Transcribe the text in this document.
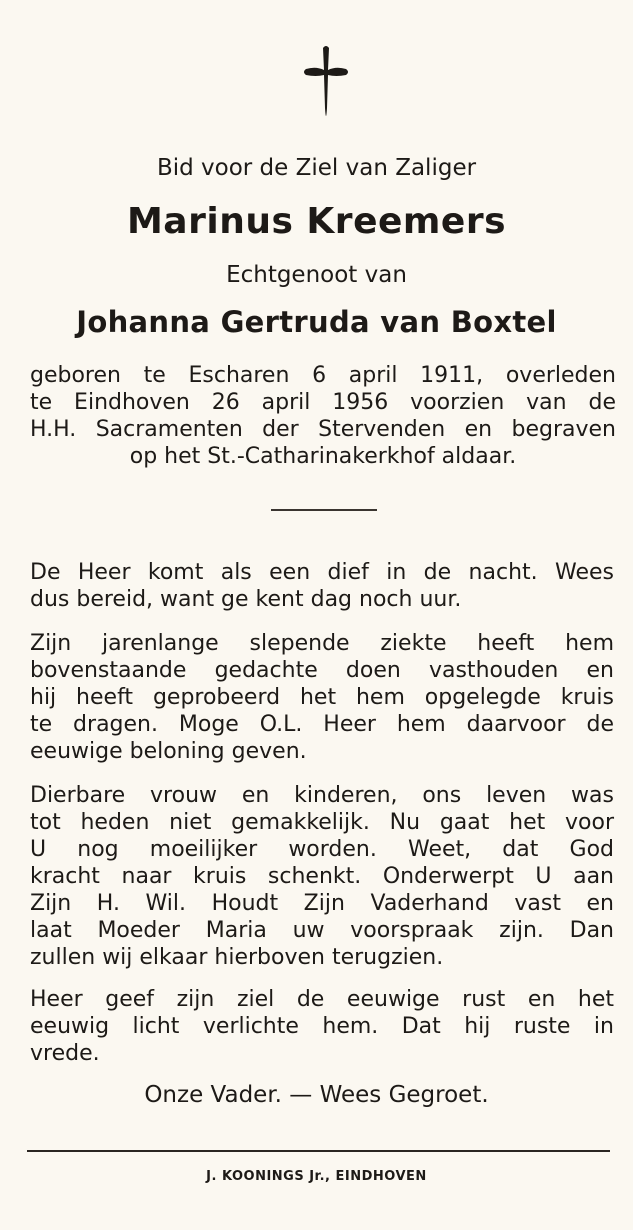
Bid voor de Ziel van Zaliger
Marinus Kreemers
Echtgenoot van
Johanna Gertruda van Boxtel
geboren te Escharen 6 april 1911, overleden
te Eindhoven 26 april 1956 voorzien van de
H.H. Sacramenten der Stervenden en begraven
op het St.-Catharinakerkhof aldaar.
De Heer komt als een dief in de nacht. Wees
dus bereid, want ge kent dag noch uur.
Zijn jarenlange slepende ziekte heeft hem
bovenstaande gedachte doen vasthouden en
hij heeft geprobeerd het hem opgelegde kruis
te dragen. Moge O.L. Heer hem daarvoor de
eeuwige beloning geven.
Dierbare vrouw en kinderen, ons leven was
tot heden niet gemakkelijk. Nu gaat het voor
U nog moeilijker worden. Weet, dat God
kracht naar kruis schenkt. Onderwerpt U aan
Zijn H. Wil. Houdt Zijn Vaderhand vast en
laat Moeder Maria uw voorspraak zijn. Dan
zullen wij elkaar hierboven terugzien.
Heer geef zijn ziel de eeuwige rust en het
eeuwig licht verlichte hem. Dat hij ruste in
vrede.
Onze Vader. — Wees Gegroet.
J. KOONINGS Jr., EINDHOVEN
